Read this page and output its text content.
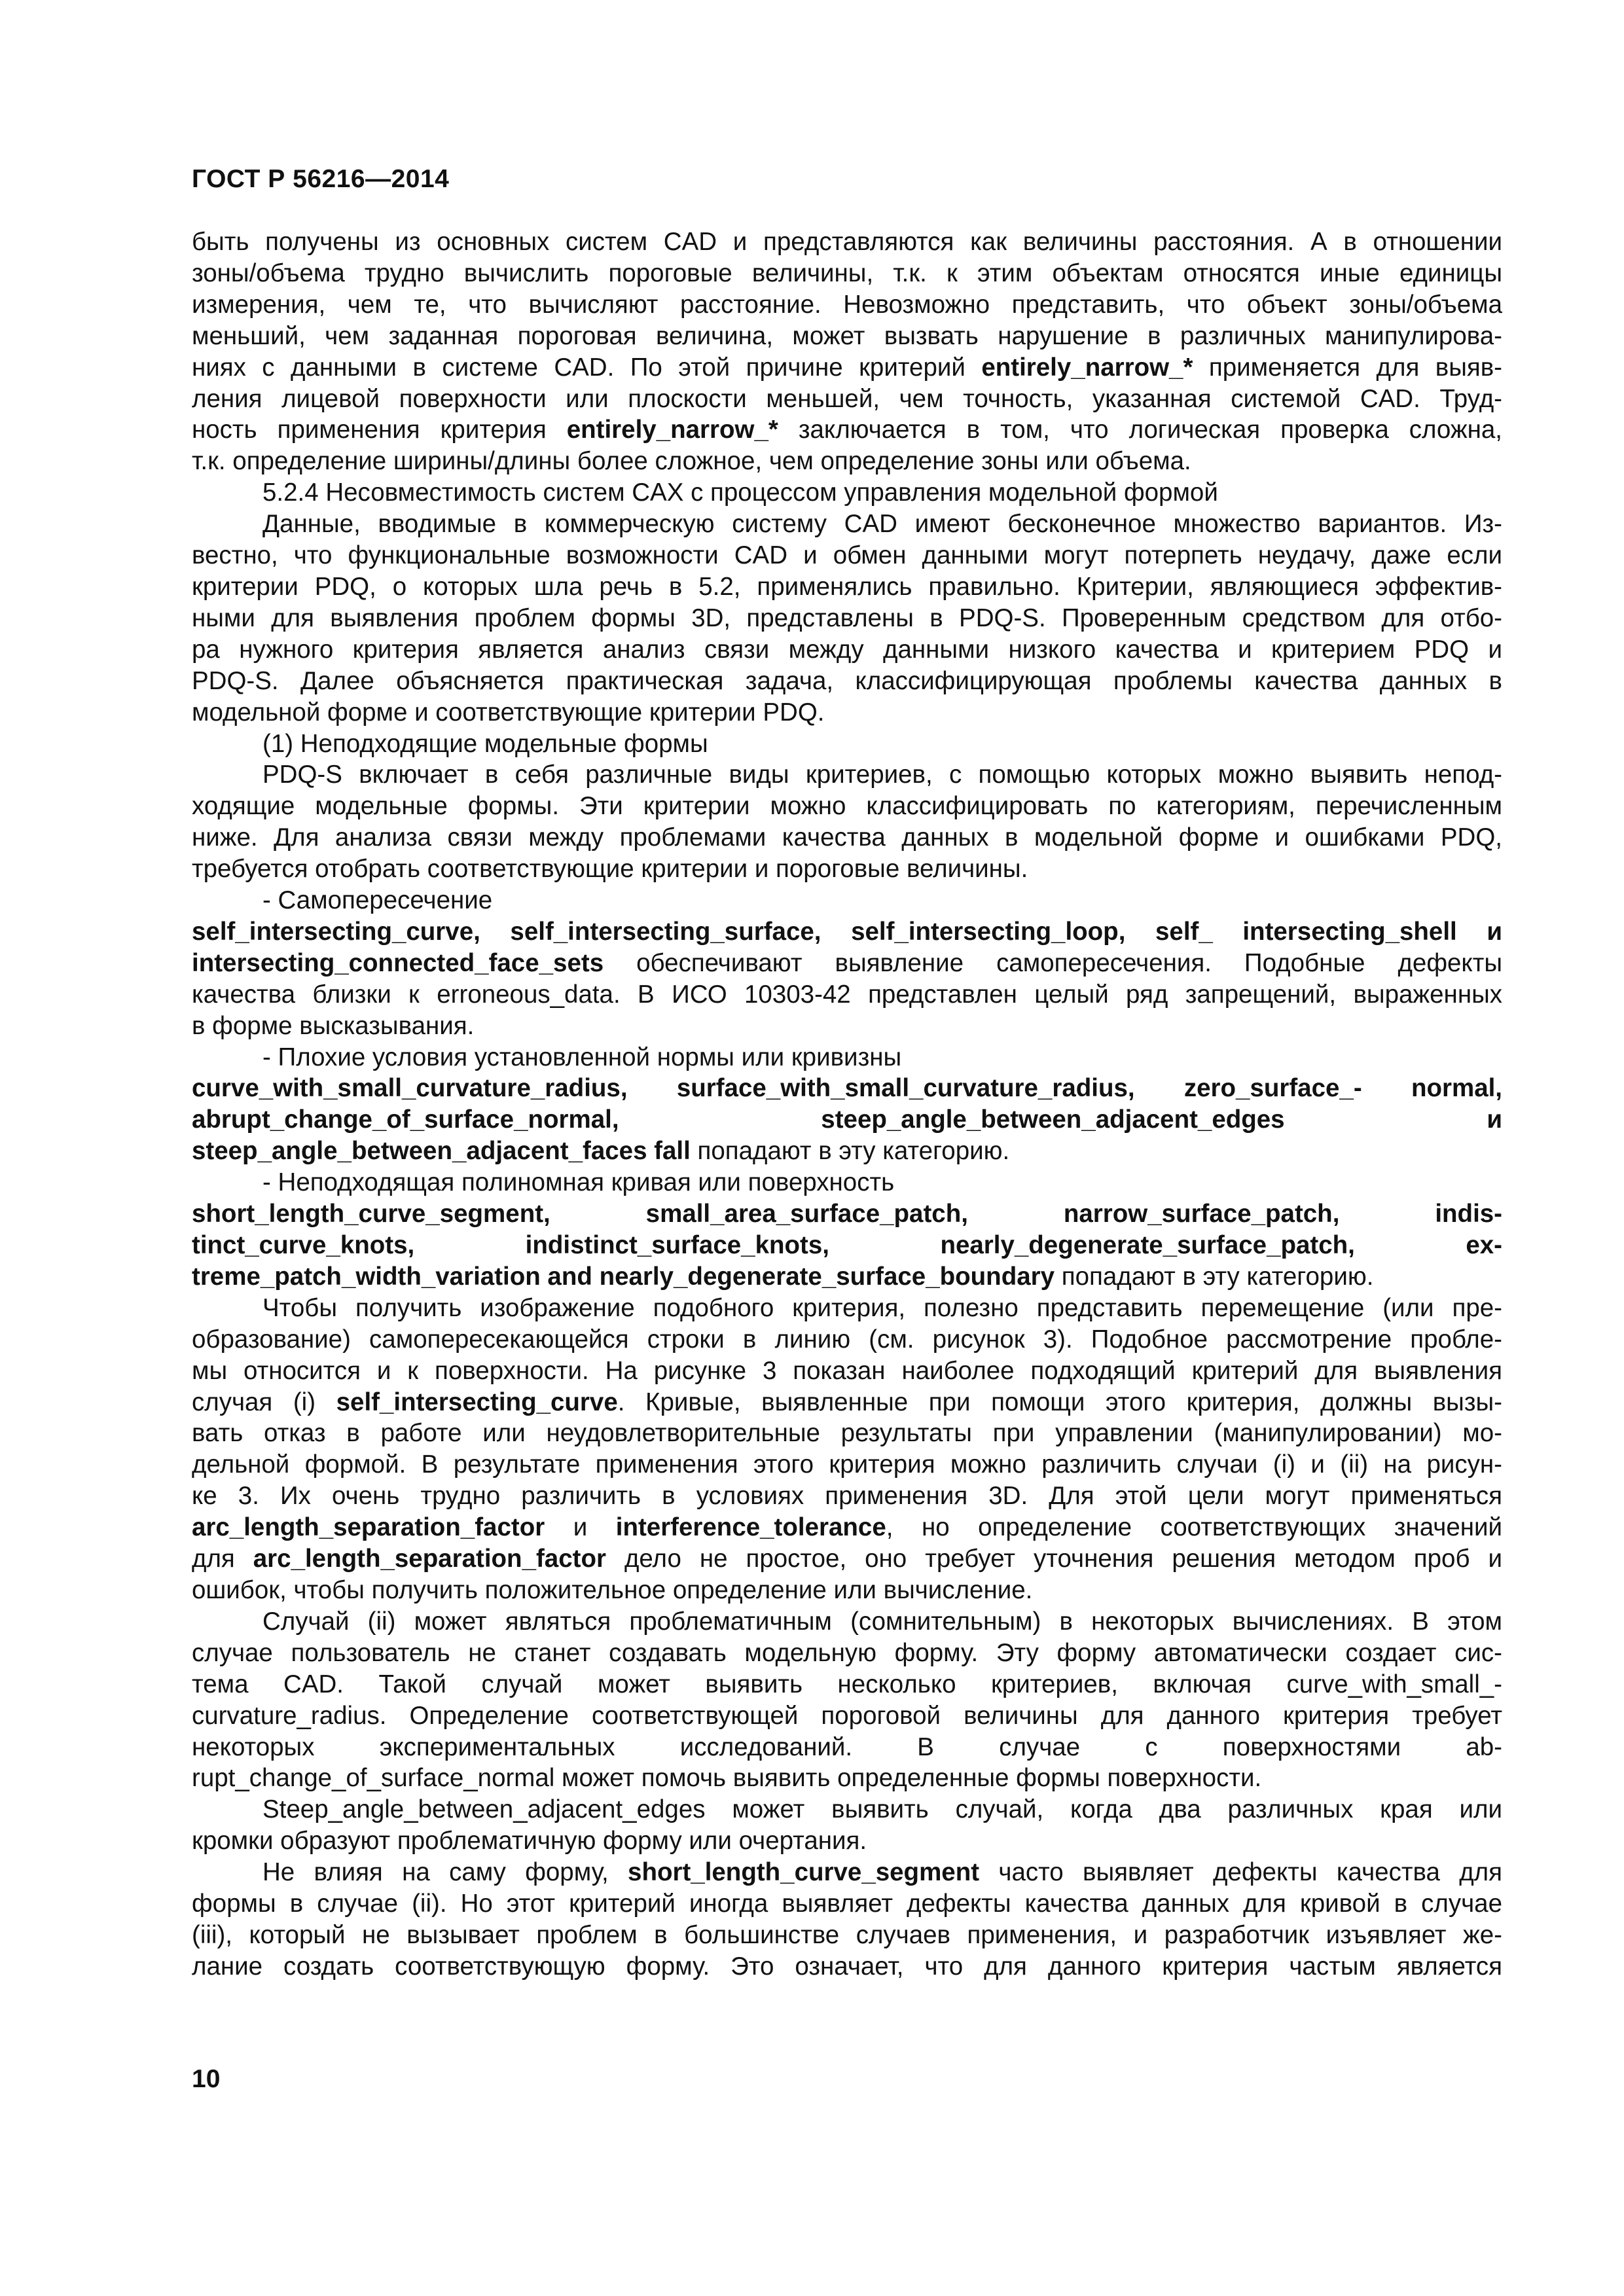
ГОСТ Р 56216—2014

быть получены из основных систем CAD и представляются как величины расстояния. А в отношении
зоны/объема трудно вычислить пороговые величины, т.к. к этим объектам относятся иные единицы
измерения, чем те, что вычисляют расстояние. Невозможно представить, что объект зоны/объема
меньший, чем заданная пороговая величина, может вызвать нарушение в различных манипулирова-
ниях с данными в системе CAD. По этой причине критерий entirely_narrow_* применяется для выяв-
ления лицевой поверхности или плоскости меньшей, чем точность, указанная системой CAD. Труд-
ность применения критерия entirely_narrow_* заключается в том, что логическая проверка сложна,
т.к. определение ширины/длины более сложное, чем определение зоны или объема.

5.2.4 Несовместимость систем CAX с процессом управления модельной формой

Данные, вводимые в коммерческую систему CAD имеют бесконечное множество вариантов. Из-
вестно, что функциональные возможности CAD и обмен данными могут потерпеть неудачу, даже если
критерии PDQ, о которых шла речь в 5.2, применялись правильно. Критерии, являющиеся эффектив-
ными для выявления проблем формы 3D, представлены в PDQ-S. Проверенным средством для отбо-
ра нужного критерия является анализ связи между данными низкого качества и критерием PDQ и
PDQ-S. Далее объясняется практическая задача, классифицирующая проблемы качества данных в
модельной форме и соответствующие критерии PDQ.

(1) Неподходящие модельные формы

PDQ-S включает в себя различные виды критериев, с помощью которых можно выявить непод-
ходящие модельные формы. Эти критерии можно классифицировать по категориям, перечисленным
ниже. Для анализа связи между проблемами качества данных в модельной форме и ошибками PDQ,
требуется отобрать соответствующие критерии и пороговые величины.

- Самопересечение

self_intersecting_curve, self_intersecting_surface, self_intersecting_loop, self_ intersecting_shell и
intersecting_connected_face_sets обеспечивают выявление самопересечения. Подобные дефекты
качества близки к erroneous_data. В ИСО 10303-42 представлен целый ряд запрещений, выраженных
в форме высказывания.

- Плохие условия установленной нормы или кривизны

curve_with_small_curvature_radius, surface_with_small_curvature_radius, zero_surface_- normal,
abrupt_change_of_surface_normal, steep_angle_between_adjacent_edges и
steep_angle_between_adjacent_faces fall попадают в эту категорию.

- Неподходящая полиномная кривая или поверхность

short_length_curve_segment, small_area_surface_patch, narrow_surface_patch, indis-
tinct_curve_knots, indistinct_surface_knots, nearly_degenerate_surface_patch, ex-
treme_patch_width_variation and nearly_degenerate_surface_boundary попадают в эту категорию.

Чтобы получить изображение подобного критерия, полезно представить перемещение (или пре-
образование) самопересекающейся строки в линию (см. рисунок 3). Подобное рассмотрение пробле-
мы относится и к поверхности. На рисунке 3 показан наиболее подходящий критерий для выявления
случая (i) self_intersecting_curve. Кривые, выявленные при помощи этого критерия, должны вызы-
вать отказ в работе или неудовлетворительные результаты при управлении (манипулировании) мо-
дельной формой. В результате применения этого критерия можно различить случаи (i) и (ii) на рисун-
ке 3. Их очень трудно различить в условиях применения 3D. Для этой цели могут применяться
arc_length_separation_factor и interference_tolerance, но определение соответствующих значений
для arc_length_separation_factor дело не простое, оно требует уточнения решения методом проб и
ошибок, чтобы получить положительное определение или вычисление.

Случай (ii) может являться проблематичным (сомнительным) в некоторых вычислениях. В этом
случае пользователь не станет создавать модельную форму. Эту форму автоматически создает сис-
тема CAD. Такой случай может выявить несколько критериев, включая curve_with_small_-
curvature_radius. Определение соответствующей пороговой величины для данного критерия требует
некоторых экспериментальных исследований. В случае с поверхностями ab-
rupt_change_of_surface_normal может помочь выявить определенные формы поверхности.

Steep_angle_between_adjacent_edges может выявить случай, когда два различных края или
кромки образуют проблематичную форму или очертания.

Не влияя на саму форму, short_length_curve_segment часто выявляет дефекты качества для
формы в случае (ii). Но этот критерий иногда выявляет дефекты качества данных для кривой в случае
(iii), который не вызывает проблем в большинстве случаев применения, и разработчик изъявляет же-
лание создать соответствующую форму. Это означает, что для данного критерия частым является

10
